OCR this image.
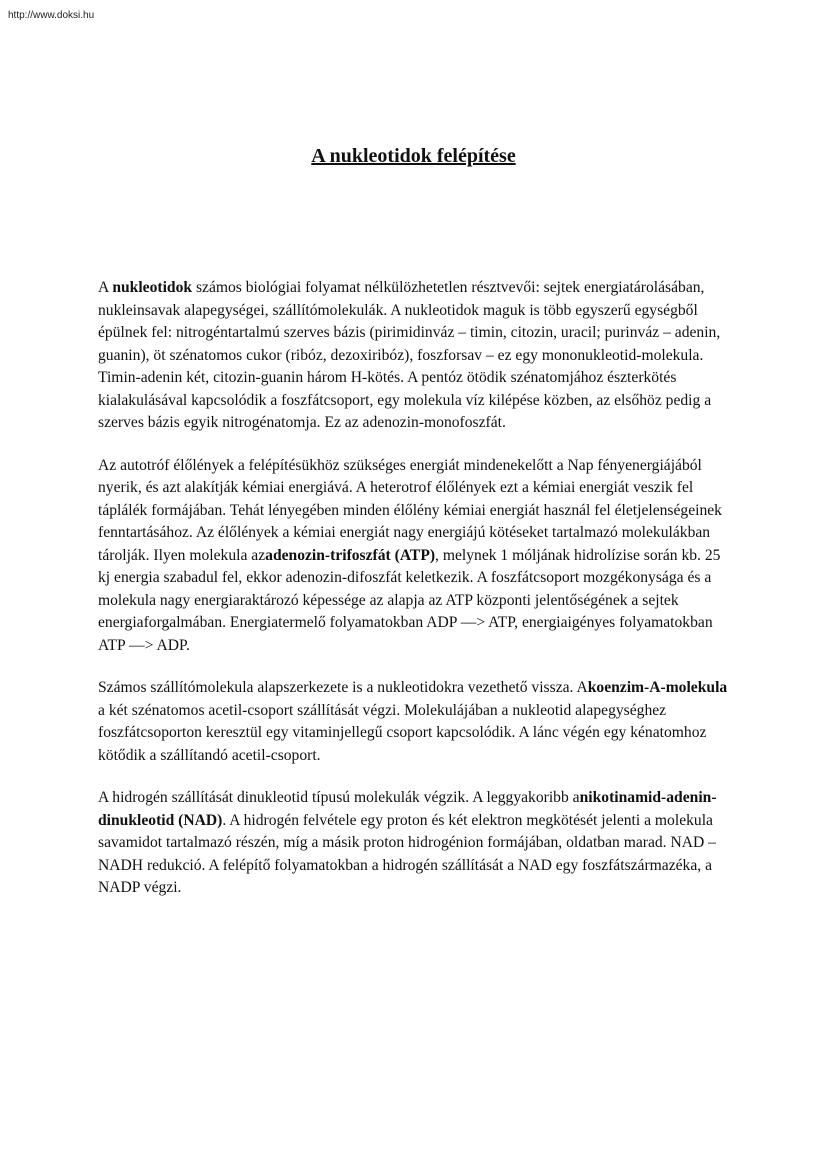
http://www.doksi.hu
A nukleotidok felépítése

A nukleotidok számos biológiai folyamat nélkülözhetetlen résztvevői: sejtek energiatárolásában, nukleinsavak alapegységei, szállítómolekulák. A nukleotidok maguk is több egyszerű egységből épülnek fel: nitrogéntartalmú szerves bázis (pirimidinváz – timin, citozin, uracil; purinváz – adenin, guanin), öt szénatomos cukor (ribóz, dezoxiribóz), foszforsav – ez egy mononukleotid-molekula. Timin-adenin két, citozin-guanin három H-kötés. A pentóz ötödik szénatomjához észterkötés kialakulásával kapcsolódik a foszfátcsoport, egy molekula víz kilépése közben, az elsőhöz pedig a szerves bázis egyik nitrogénatomja. Ez az adenozin-monofoszfát.

Az autotróf élőlények a felépítésükhöz szükséges energiát mindenekelőtt a Nap fényenergiájából nyerik, és azt alakítják kémiai energiává. A heterotrof élőlények ezt a kémiai energiát veszik fel táplálék formájában. Tehát lényegében minden élőlény kémiai energiát használ fel életjelenségeinek fenntartásához. Az élőlények a kémiai energiát nagy energiájú kötéseket tartalmazó molekulákban tárolják. Ilyen molekula azadenozin-trifoszfát (ATP), melynek 1 móljának hidrolízise során kb. 25 kj energia szabadul fel, ekkor adenozin-difoszfát keletkezik. A foszfátcsoport mozgékonysága és a molekula nagy energiaraktározó képessége az alapja az ATP központi jelentőségének a sejtek energiaforgalmában. Energiatermelő folyamatokban ADP —> ATP, energiaigényes folyamatokban ATP —> ADP.

Számos szállítómolekula alapszerkezete is a nukleotidokra vezethető vissza. Akoenzim-A-molekula a két szénatomos acetil-csoport szállítását végzi. Molekulájában a nukleotid alapegységhez foszfátcsoporton keresztül egy vitaminjellegű csoport kapcsolódik. A lánc végén egy kénatomhoz kötődik a szállítandó acetil-csoport.

A hidrogén szállítását dinukleotid típusú molekulák végzik. A leggyakoribb anikotinamid-adenin-dinukleotid (NAD). A hidrogén felvétele egy proton és két elektron megkötését jelenti a molekula savamidot tartalmazó részén, míg a másik proton hidrogénion formájában, oldatban marad. NAD – NADH redukció. A felépítő folyamatokban a hidrogén szállítását a NAD egy foszfátszármazéka, a NADP végzi.
